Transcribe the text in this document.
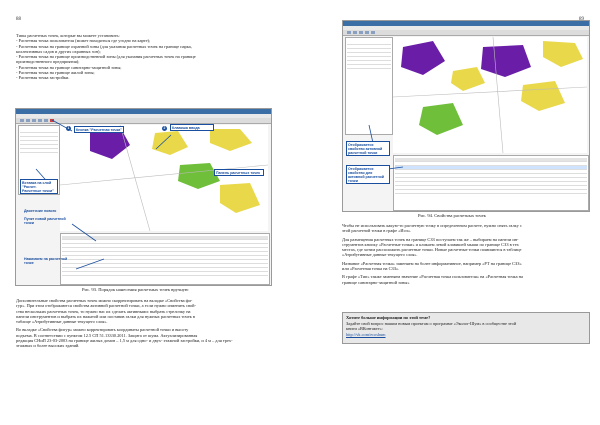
88
Типы расчетных точек, которые вы можете установить:
- Расчетная точка пользователя (может находиться где угодно на карте);
- Расчетная точка на границе охранной зоны (для указания расчетных точек на границе парка,
коллективных садов и других охранных зон);
- Расчетная точка на границе производственной зоны (для указания расчетных точек на границе
производственного предприятия);
- Расчетная точка на границе санитарно-защитной зоны;
- Расчетная точка на границе жилой зоны;
- Расчетная точка застройки.
1	Кнопка "Расчетная точка"	2	Клавиша ввода
Вставка на слой "Расчет. Расчетные точки"
Двоеточие нового
Пункт новой расчетной точки
Нажимаем на расчетной точке
Панель расчетных точек
Рис. 93. Порядок нанесения расчетных точек вручную
Дополнительные свойства расчетных точек можно скорректировать на вкладке «Свойства фи-
гур». При этом отображаются свойства активной расчетной точки, а если нужно изменить свой-
ства нескольких расчетных точек, то нужно нас их сделать активными: выбрать стрелочку на
панели инструментов и выбрать их нажатой или поставив галки для нужных расчетных точек в
таблице «Атрибутивные данные текущего слоя».
Во вкладке «Свойства фигур» можно корректировать координаты расчетной точки и высоту
подъема. В соответствии с пунктом 12.5 СП 51.13330.2011. Защита от шума. Актуализированная
редакция СНиП 23-03-2003 на границе жилых домов – 1,5 м для одно- и двух- этажной застройки, и 4 м – для трех-
этажных и более высоких зданий.
Отображается свойство активной расчетной точки
Отображается свойство для активной расчетной точки
Рис. 94. Свойства расчетных точек
Чтобы не использовать какую-то расчетную точку в определенном расчете, нужно снять галку с
этой расчетной точки в графе «Исп».
Для размещения расчетных точек на границе СЗЗ поступаем так же – выбираем на панели ин-
струментов кнопку «Расчетные точки» и кликаем левой клавишей мыши по границе СЗЗ в тех
местах, где хотим расположить расчетные точки. Новые расчетные точки появляются в таблице
«Атрибутивные данные текущего слоя».
Название «Расчетная точка» заменяем на более информативное, например «РТ на границе СЗЗ»
или «Расчетная точка на СЗЗ».
В графе «Тип» также заменяем значение «Расчетная точка пользователя» на «Расчетная точка на
границе санитарно-защитной зоны»
Хотите больше информации по этой теме?
Задайте свой вопрос нашим новым проектам о программе «Эколог-Шум» в сообществе этой
книги «ВКонтакте»:
http://vk.com/ecoshum
